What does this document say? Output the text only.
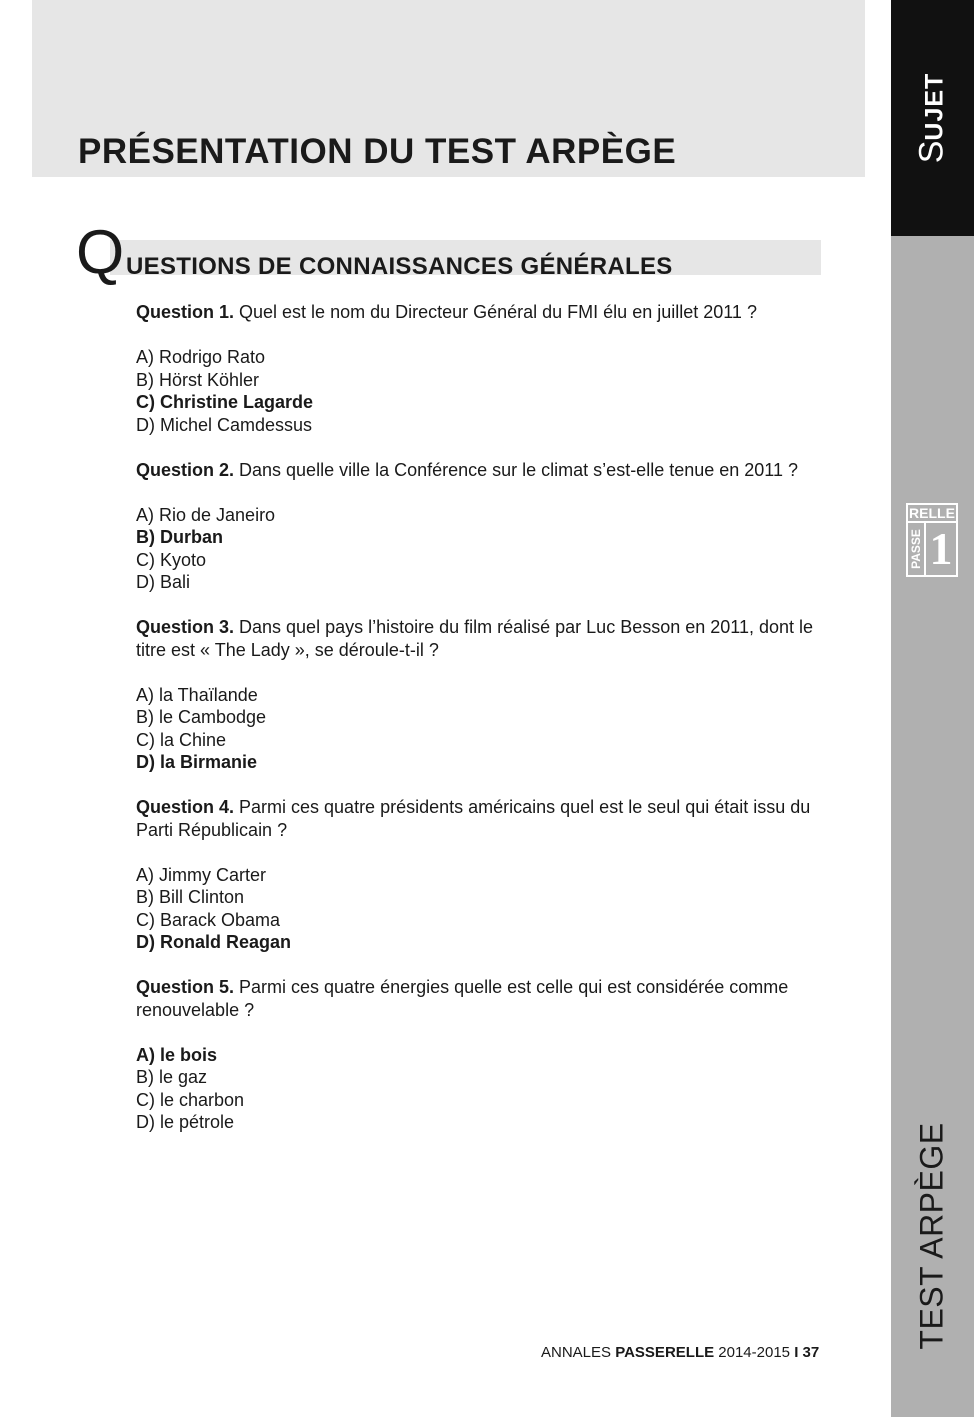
PRÉSENTATION DU TEST ARPÈGE
Q UESTIONS DE CONNAISSANCES GÉNÉRALES

Question 1. Quel est le nom du Directeur Général du FMI élu en juillet 2011 ?

A) Rodrigo Rato
B) Hörst Köhler
C) Christine Lagarde
D) Michel Camdessus

Question 2. Dans quelle ville la Conférence sur le climat s’est-elle tenue en 2011 ?

A) Rio de Janeiro
B) Durban
C) Kyoto
D) Bali

Question 3. Dans quel pays l’histoire du film réalisé par Luc Besson en 2011, dont le titre est « The Lady », se déroule-t-il ?

A) la Thaïlande
B) le Cambodge
C) la Chine
D) la Birmanie

Question 4. Parmi ces quatre présidents américains quel est le seul qui était issu du Parti Républicain ?

A) Jimmy Carter
B) Bill Clinton
C) Barack Obama
D) Ronald Reagan

Question 5. Parmi ces quatre énergies quelle est celle qui est considérée comme renouvelable ?

A) le bois
B) le gaz
C) le charbon
D) le pétrole
ANNALES PASSERELLE 2014-2015 I 37
SUJET
TEST ARPÈGE
RELLE
PASSE 1
